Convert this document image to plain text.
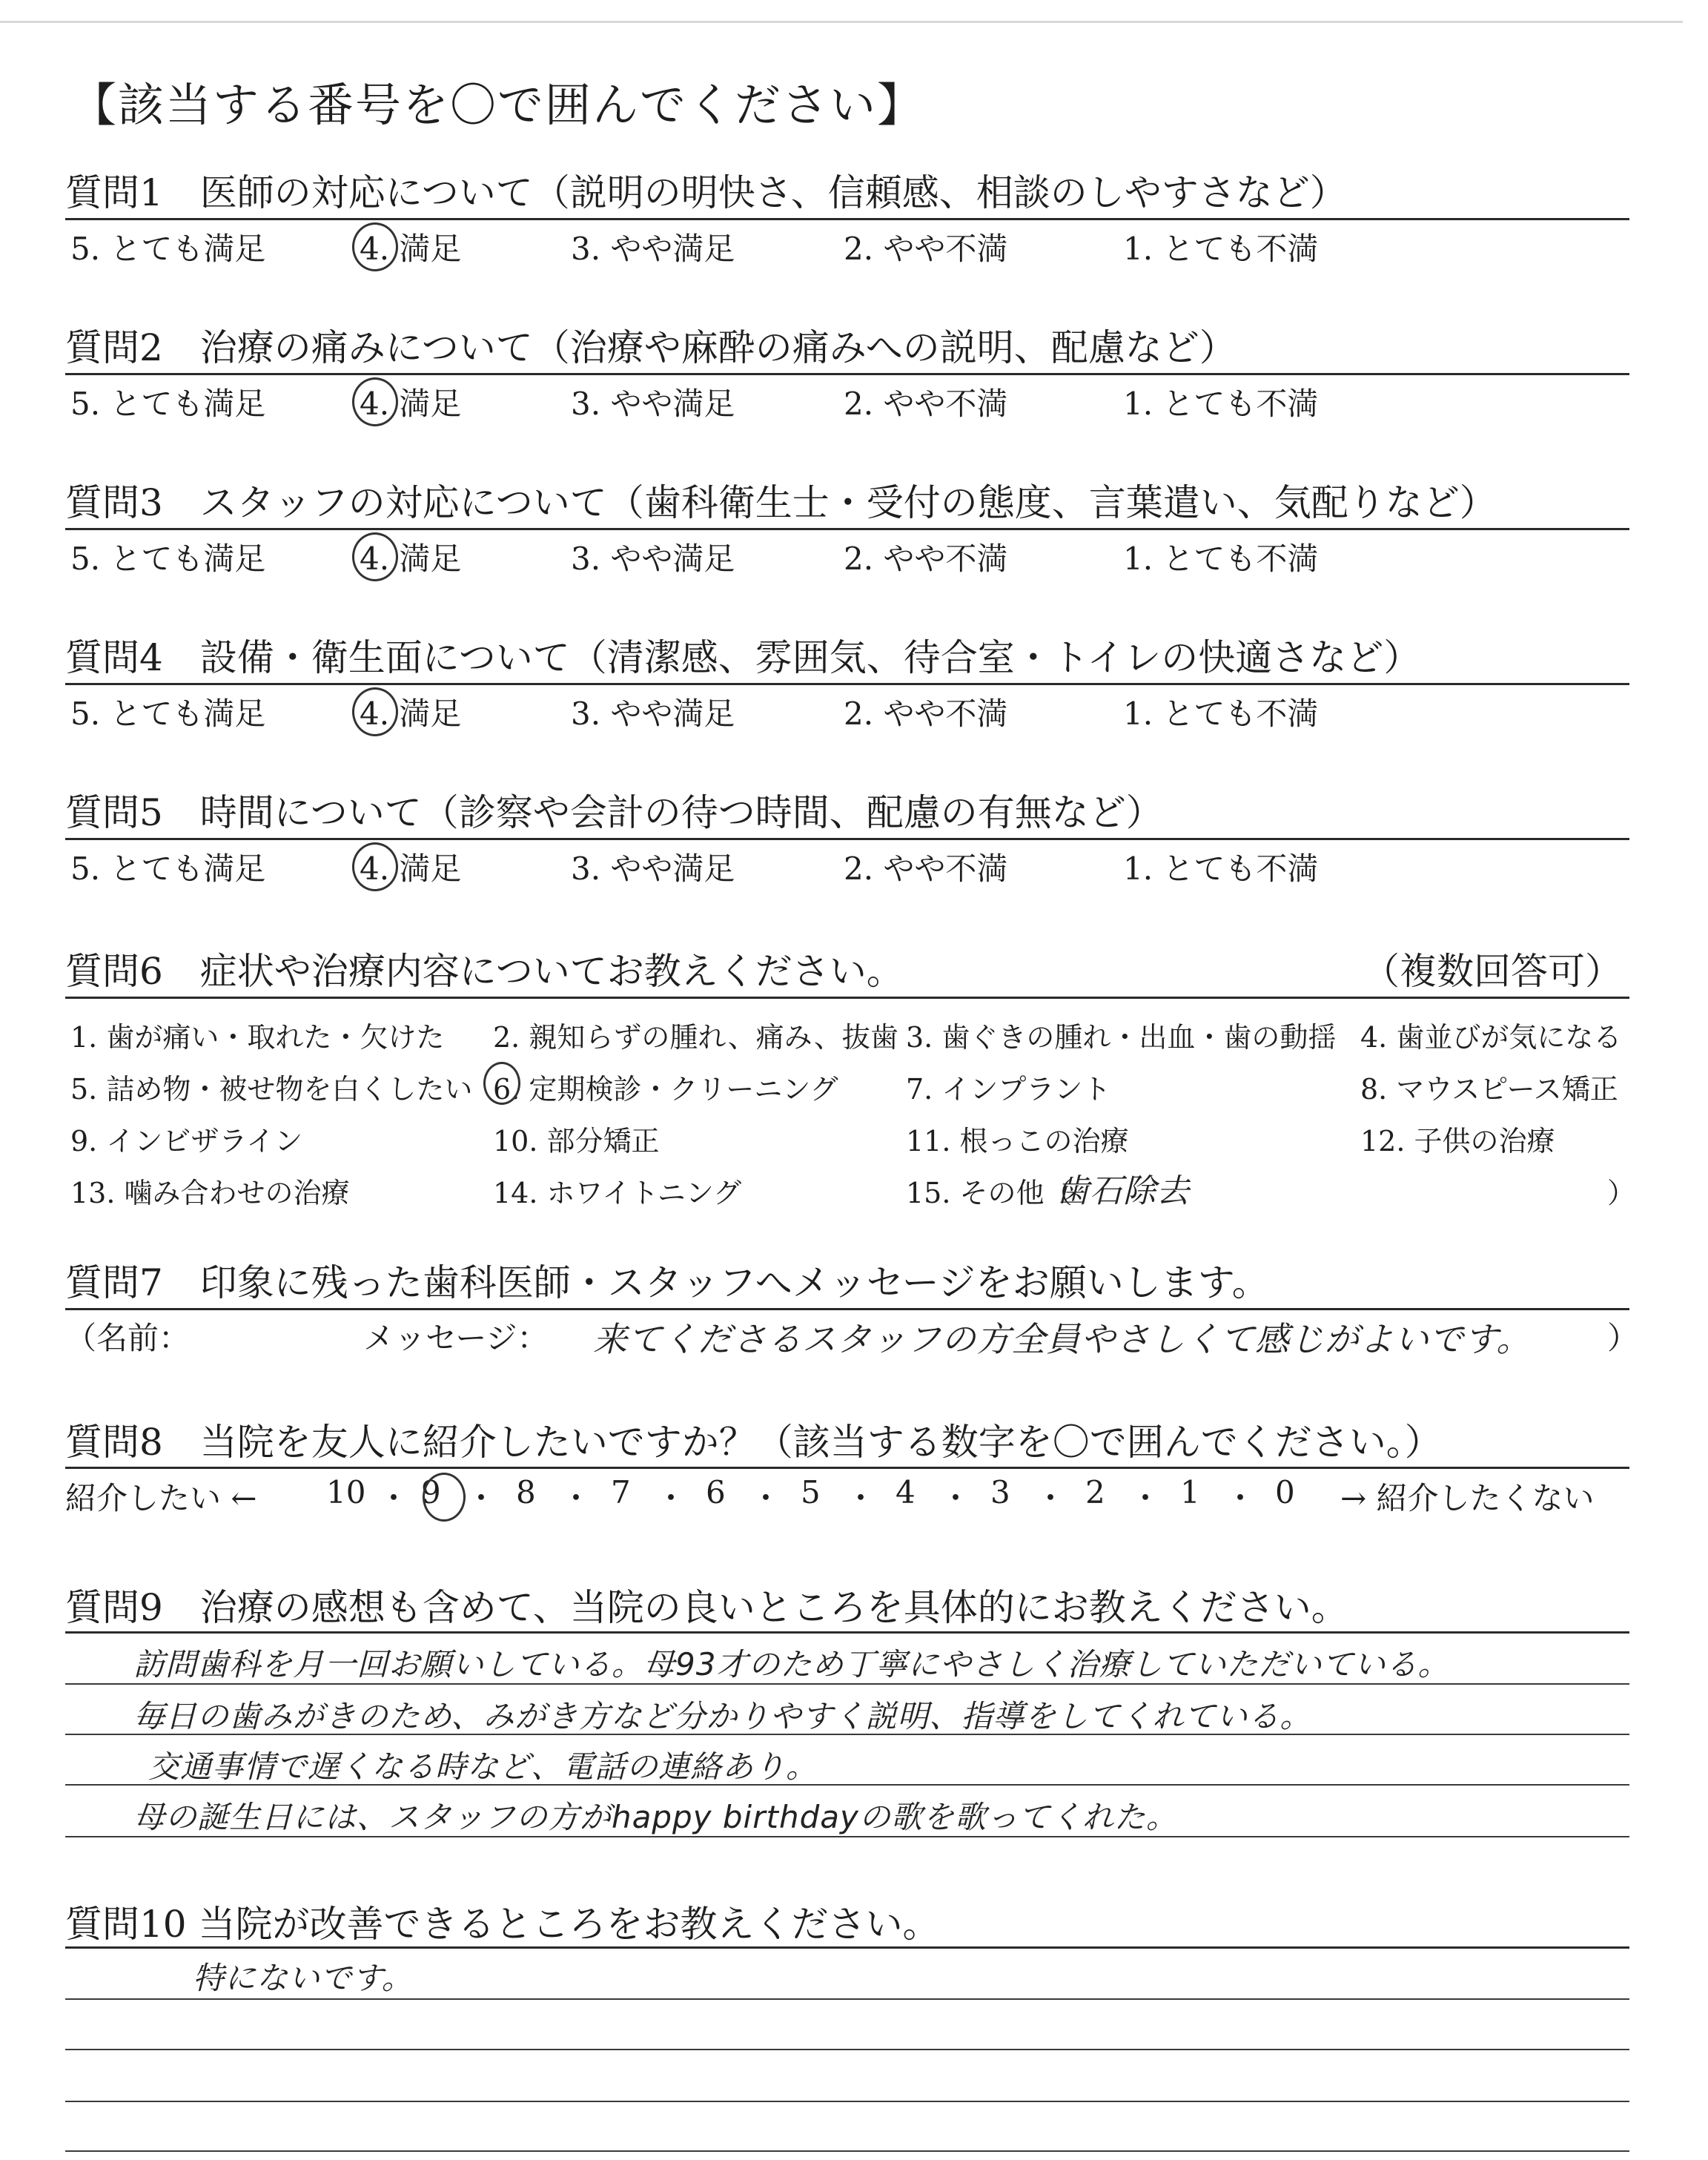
【該当する番号を〇で囲んでください】
質問1　医師の対応について（説明の明快さ、信頼感、相談のしやすさなど）
5. とても満足	4. 満足	3. やや満足	2. やや不満	1. とても不満
質問2　治療の痛みについて（治療や麻酔の痛みへの説明、配慮など）
5. とても満足	4. 満足	3. やや満足	2. やや不満	1. とても不満
質問3　スタッフの対応について（歯科衛生士・受付の態度、言葉遣い、気配りなど）
5. とても満足	4. 満足	3. やや満足	2. やや不満	1. とても不満
質問4　設備・衛生面について（清潔感、雰囲気、待合室・トイレの快適さなど）
5. とても満足	4. 満足	3. やや満足	2. やや不満	1. とても不満
質問5　時間について（診察や会計の待つ時間、配慮の有無など）
5. とても満足	4. 満足	3. やや満足	2. やや不満	1. とても不満
質問6　症状や治療内容についてお教えください。	（複数回答可）
1. 歯が痛い・取れた・欠けた 2. 親知らずの腫れ、痛み、抜歯 3. 歯ぐきの腫れ・出血・歯の動揺 4. 歯並びが気になる
5. 詰め物・被せ物を白くしたい 6. 定期検診・クリーニング 7. インプラント	8. マウスピース矯正
9. インビザライン	10. 部分矯正	11. 根っこの治療	12. 子供の治療
13. 噛み合わせの治療	14. ホワイトニング	15. その他（	）
歯石除去
質問7　印象に残った歯科医師・スタッフへメッセージをお願いします。
（名前：	メッセージ： 来てくださるスタッフの方全員やさしくて感じがよいです。 ）
質問8　当院を友人に紹介したいですか？（該当する数字を〇で囲んでください。）
紹介したい ← 10 ・ 9 ・ 8 ・ 7 ・ 6 ・ 5 ・ 4 ・ 3 ・ 2 ・ 1 ・ 0 → 紹介したくない
質問9　治療の感想も含めて、当院の良いところを具体的にお教えください。
訪問歯科を月一回お願いしている。母93才のため丁寧にやさしく治療していただいている。
毎日の歯みがきのため、みがき方など分かりやすく説明、指導をしてくれている。
交通事情で遅くなる時など、電話の連絡あり。
母の誕生日には、スタッフの方がhappy birthdayの歌を歌ってくれた。
質問10 当院が改善できるところをお教えください。
特にないです。
